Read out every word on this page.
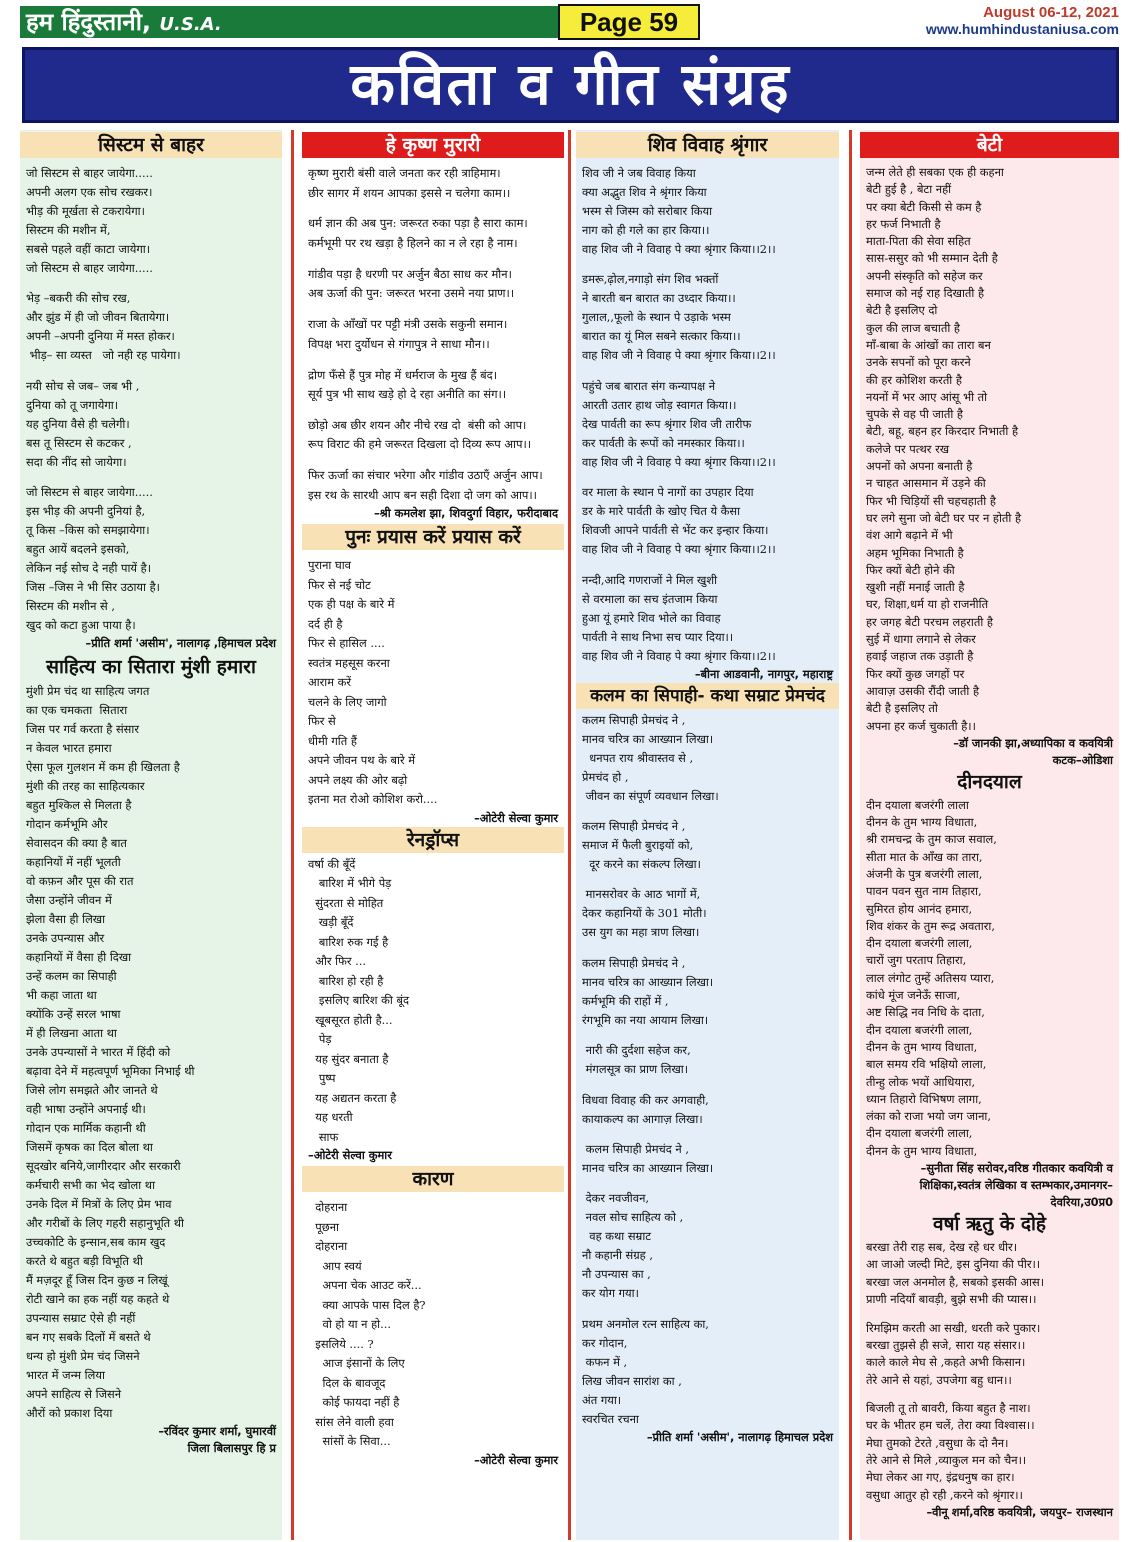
हम हिंदुस्तानी, U.S.A.	Page 59	August 06-12, 2021
www.humhindustaniusa.com
कविता व गीत संग्रह
सिस्टम से बाहर
जो सिस्टम से बाहर जायेगा.....
अपनी अलग एक सोच रखकर।
भीड़ की मूर्खता से टकरायेगा।
सिस्टम की मशीन में,
सबसे पहले वहीं काटा जायेगा।
जो सिस्टम से बाहर जायेगा.....

भेड़ –बकरी की सोच रख,
और झुंड में ही जो जीवन बितायेगा।
अपनी –अपनी दुनिया में मस्त होकर।
भीड़– सा व्यस्त   जो नही रह पायेगा।

नयी सोच से जब– जब भी ,
दुनिया को तू जगायेगा।
यह दुनिया वैसे ही चलेगी।
बस तू सिस्टम से कटकर ,
सदा की नींद सो जायेगा।

जो सिस्टम से बाहर जायेगा.....
इस भीड़ की अपनी दुनियां है,
तू किस –किस को समझायेगा।
बहुत आयें बदलने इसको,
लेकिन नई सोच दे नही पायें है।
जिस –जिस ने भी सिर उठाया है।
सिस्टम की मशीन से ,
खुद को कटा हुआ पाया है।
–प्रीति शर्मा 'असीम', नालागढ़ ,हिमाचल प्रदेश
साहित्य का सितारा मुंशी हमारा
मुंशी प्रेम चंद था साहित्य जगत
का एक चमकता  सितारा
जिस पर गर्व करता है संसार
न केवल भारत हमारा
ऐसा फूल गुलशन में कम ही खिलता है
मुंशी की तरह का साहित्यकार
बहुत मुश्किल से मिलता है
गोदान कर्मभूमि और
सेवासदन की क्या है बात
कहानियों में नहीं भूलती
वो कफ़न और पूस की रात
जैसा उन्होंने जीवन में
झेला वैसा ही लिखा
उनके उपन्यास और
कहानियों में वैसा ही दिखा
उन्हें कलम का सिपाही
भी कहा जाता था
क्योंकि उन्हें सरल भाषा
में ही लिखना आता था
उनके उपन्यासों ने भारत में हिंदी को
बढ़ावा देने में महत्वपूर्ण भूमिका निभाई थी
जिसे लोग समझते और जानते थे
वही भाषा उन्होंने अपनाई थी।
गोदान एक मार्मिक कहानी थी
जिसमें कृषक का दिल बोला था
सूदखोर बनिये,जागीरदार और सरकारी
कर्मचारी सभी का भेद खोला था
उनके दिल में मित्रों के लिए प्रेम भाव
और गरीबों के लिए गहरी सहानुभूति थी
उच्चकोटि के इन्सान,सब काम खुद
करते थे बहुत बड़ी विभूति थी
मैं मज़दूर हूँ जिस दिन कुछ न लिखूं
रोटी खाने का हक नहीं यह कहते थे
उपन्यास सम्राट ऐसे ही नहीं
बन गए सबके दिलों में बसते थे
धन्य हो मुंशी प्रेम चंद जिसने
भारत में जन्म लिया
अपने साहित्य से जिसने
औरों को प्रकाश दिया
–रविंदर कुमार शर्मा, घुमारवीं
जिला बिलासपुर हि प्र
हे कृष्ण मुरारी
कृष्ण मुरारी बंसी वाले जनता कर रही त्राहिमाम।
छीर सागर में शयन आपका इससे न चलेगा काम।।

धर्म ज्ञान की अब पुन: जरूरत रुका पड़ा है सारा काम।
कर्मभूमी पर रथ खड़ा है हिलने का न ले रहा है नाम।

गांडीव पड़ा है धरणी पर अर्जुन बैठा साध कर मौन।
अब ऊर्जा की पुन: जरूरत भरना उसमे नया प्राण।।

राजा के आँखों पर पट्टी मंत्री उसके सकुनी समान।
विपक्ष भरा दुर्योधन से गंगापुत्र ने साधा मौन।।

द्रोण फँसे हैं पुत्र मोह में धर्मराज के मुख हैं बंद।
सूर्य पुत्र भी साथ खड़े हो दे रहा अनीति का संग।।

छोड़ो अब छीर शयन और नीचे रख दो  बंसी को आप।
रूप विराट की हमे जरूरत दिखला दो दिव्य रूप आप।।

फिर ऊर्जा का संचार भरेगा और गांडीव उठाएँ अर्जुन आप।
इस रथ के सारथी आप बन सही दिशा दो जग को आप।।
–श्री कमलेश झा, शिवदुर्गा विहार, फरीदाबाद
पुनः प्रयास करें प्रयास करें
पुराना घाव
फिर से नई चोट
एक ही पक्ष के बारे में
दर्द ही है
फिर से हासिल ....
स्वतंत्र महसूस करना
आराम करें
चलने के लिए जागो
फिर से
धीमी गति हैं
अपने जीवन पथ के बारे में
अपने लक्ष्य की ओर बढ़ो
इतना मत रोओ कोशिश करो....
–ओटेरी सेल्वा कुमार
रेनड्रॉप्स
वर्षा की बूँदें
बारिश में भीगे पेड़
सुंदरता से मोहित
खड़ी बूँदें
बारिश रुक गई है
और फिर ...
बारिश हो रही है
इसलिए बारिश की बूंद
खूबसूरत होती है...
पेड़
यह सुंदर बनाता है
पुष्प
यह अद्यतन करता है
यह धरती
साफ
–ओटेरी सेल्वा कुमार
कारण
दोहराना
पूछना
दोहराना
आप स्वयं
अपना चेक आउट करें...
क्या आपके पास दिल है?
वो हो या न हो...
इसलिये .... ?
आज इंसानों के लिए
दिल के बावजूद
कोई फायदा नहीं है
सांस लेने वाली हवा
सांसों के सिवा...
–ओटेरी सेल्वा कुमार
शिव विवाह श्रृंगार
शिव जी ने जब विवाह किया
क्या अद्भुत शिव ने श्रृंगार किया
भस्म से जिस्म को सरोबार किया
नाग को ही गले का हार किया।।
वाह शिव जी ने विवाह पे क्या श्रृंगार किया।।2।।

डमरू,ढ़ोल,नगाड़ो संग शिव भक्तों
ने बारती बन बारात का उध्दार किया।।
गुलाल,,फूलो के स्थान पे उड़ाके भस्म
बारात का यूं मिल सबने सत्कार किया।।
वाह शिव जी ने विवाह पे क्या श्रृंगार किया।।2।।

पहुंचे जब बारात संग कन्यापक्ष ने
आरती उतार हाथ जोड़ स्वागत किया।।
देख पार्वती का रूप श्रृंगार शिव जी तारीफ
कर पार्वती के रूपों को नमस्कार किया।।
वाह शिव जी ने विवाह पे क्या श्रृंगार किया।।2।।

वर माला के स्थान पे नागों का उपहार दिया
डर के मारे पार्वती के खोए चित ये कैसा
शिवजी आपने पार्वती से भेंट कर इन्हार किया।
वाह शिव जी ने विवाह पे क्या श्रृंगार किया।।2।।

नन्दी,आदि गणराजों ने मिल खुशी
से वरमाला का सच इंतजाम किया
हुआ यूं हमारे शिव भोले का विवाह
पार्वती ने साथ निभा सच प्यार दिया।।
वाह शिव जी ने विवाह पे क्या श्रृंगार किया।।2।।
–बीना आडवानी, नागपुर, महाराष्ट्र
कलम का सिपाही- कथा सम्राट प्रेमचंद
कलम सिपाही प्रेमचंद ने ,
मानव चरित्र का आख्यान लिखा।
धनपत राय श्रीवास्तव से ,
प्रेमचंद हो ,
जीवन का संपूर्ण व्यवधान लिखा।

कलम सिपाही प्रेमचंद ने ,
समाज में फैली बुराइयों को,
दूर करने का संकल्प लिखा।

मानसरोवर के आठ भागों में,
देकर कहानियों के 301 मोती।
उस युग का महा त्राण लिखा।

कलम सिपाही प्रेमचंद ने ,
मानव चरित्र का आख्यान लिखा।
कर्मभूमि की राहों में ,
रंगभूमि का नया आयाम लिखा।

नारी की दुर्दशा सहेज कर,
मंगलसूत्र का प्राण लिखा।

विधवा विवाह की कर अगवाही,
कायाकल्प का आगाज़ लिखा।

कलम सिपाही प्रेमचंद ने ,
मानव चरित्र का आख्यान लिखा।

देकर नवजीवन,
नवल सोच साहित्य को ,
वह कथा सम्राट
नौ कहानी संग्रह ,
नौ उपन्यास का ,
कर योग गया।

प्रथम अनमोल रत्न साहित्य का,
कर गोदान,
कफन में ,
लिख जीवन सारांश का ,
अंत गया।
स्वरचित रचना
–प्रीति शर्मा 'असीम', नालागढ़ हिमाचल प्रदेश
बेटी
जन्म लेते ही सबका एक ही कहना
बेटी हुई है , बेटा नहीं
पर क्या बेटी किसी से कम है
हर फर्ज निभाती है
माता-पिता की सेवा सहित
सास-ससुर को भी सम्मान देती है
अपनी संस्कृति को सहेज कर
समाज को नई राह दिखाती है
बेटी है इसलिए दो
कुल की लाज बचाती है
माँ-बाबा के आंखों का तारा बन
उनके सपनों को पूरा करने
की हर कोशिश करती है
नयनों में भर आए आंसू भी तो
चुपके से वह पी जाती है
बेटी, बहू, बहन हर किरदार निभाती है
कलेजे पर पत्थर रख
अपनों को अपना बनाती है
न चाहत आसमान में उड़ने की
फिर भी चिड़ियों सी चहचहाती है
घर लगे सुना जो बेटी घर पर न होती है
वंश आगे बढ़ाने में भी
अहम भूमिका निभाती है
फिर क्यों बेटी होने की
खुशी नहीं मनाई जाती है
घर, शिक्षा,धर्म या हो राजनीति
हर जगह बेटी परचम लहराती है
सुई में धागा लगाने से लेकर
हवाई जहाज तक उड़ाती है
फिर क्यों कुछ जगहों पर
आवाज़ उसकी रौंदी जाती है
बेटी है इसलिए तो
अपना हर कर्ज चुकाती है।।
–डॉ जानकी झा,अध्यापिका व कवयित्री
कटक–ओडिशा
दीनदयाल
दीन दयाला बजरंगी लाला
दीनन के तुम भाग्य विधाता,
श्री रामचन्द्र के तुम काज सवाल,
सीता मात के आँख का तारा,
अंजनी के पुत्र बजरंगी लाला,
पावन पवन सुत नाम तिहारा,
सुमिरत होय आनंद हमारा,
शिव शंकर के तुम रूद्र अवतारा,
दीन दयाला बजरंगी लाला,
चारों जुग परताप तिहारा,
लाल लंगोट तुम्हें अतिसय प्यारा,
कांधे मूंज जनेऊँ साजा,
अष्ट सिद्धि नव निधि के दाता,
दीन दयाला बजरंगी लाला,
दीनन के तुम भाग्य विधाता,
बाल समय रवि भक्षियो लाला,
तीन्हु लोक भयों आधियारा,
ध्यान तिहारो विभिषण लागा,
लंका को राजा भयो जग जाना,
दीन दयाला बजरंगी लाला,
दीनन के तुम भाग्य विधाता,
–सुनीता सिंह सरोवर,वरिष्ठ गीतकार कवयित्री व शिक्षिका,स्वतंत्र लेखिका व स्तम्भकार,उमानगर–देवरिया,उ0प्र0
वर्षा ऋतु के दोहे
बरखा तेरी राह सब, देख रहे धर धीर।
आ जाओ जल्दी मिटे, इस दुनिया की पीर।।
बरखा जल अनमोल है, सबको इसकी आस।
प्राणी नदियाँ बावड़ी, बुझे सभी की प्यास।।

रिमझिम करती आ सखी, धरती करे पुकार।
बरखा तुझसे ही सजे, सारा यह संसार।।
काले काले मेघ से ,कहते अभी किसान।
तेरे आने से यहां, उपजेगा बहु धान।।

बिजली तू तो बावरी, किया बहुत है नाश।
घर के भीतर हम चलें, तेरा क्या विश्वास।।
मेघा तुमको टेरते ,वसुधा के दो नैन।
तेरे आने से मिले ,व्याकुल मन को चैन।।
मेघा लेकर आ गए, इंद्रधनुष का हार।
वसुधा आतुर हो रही ,करने को श्रृंगार।।
–वीनू शर्मा,वरिष्ठ कवयित्री, जयपुर– राजस्थान
